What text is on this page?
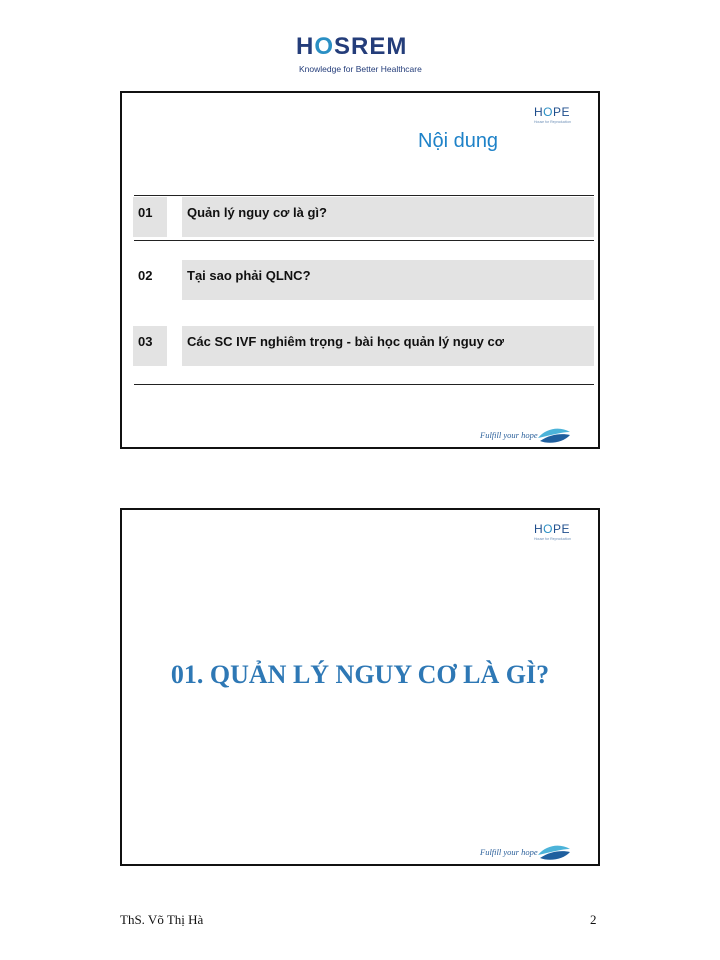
HOSREM
Knowledge for Better Healthcare
HOPE
House for Reproduction
Nội dung
01	Quản lý nguy cơ là gì?
02	Tại sao phải QLNC?
03	Các SC IVF nghiêm trọng - bài học quản lý nguy cơ
Fulfill your hope
HOPE
House for Reproduction
01. QUẢN LÝ NGUY CƠ LÀ GÌ?
Fulfill your hope
ThS. Võ Thị Hà	2
